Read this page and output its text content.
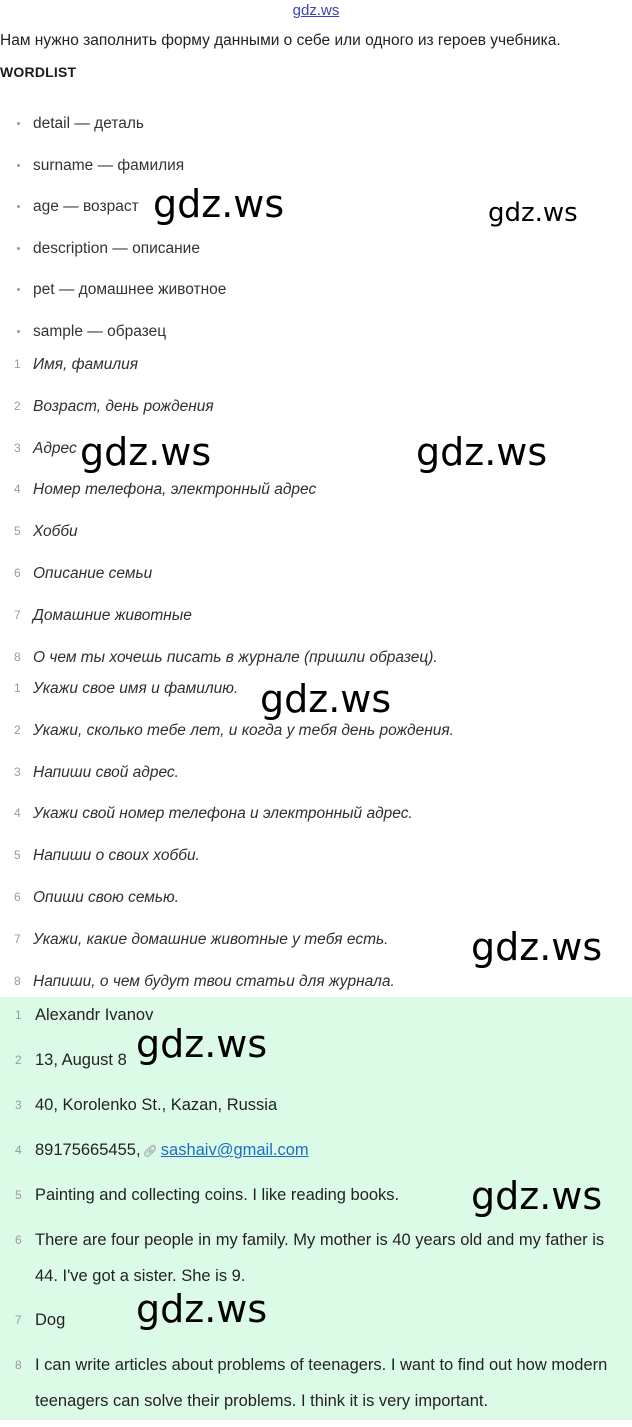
gdz.ws
Нам нужно заполнить форму данными о себе или одного из героев учебника.
WORDLIST
detail — деталь
surname — фамилия
age — возраст
description — описание
pet — домашнее животное
sample — образец
1 Имя, фамилия
2 Возраст, день рождения
3 Адрес
4 Номер телефона, электронный адрес
5 Хобби
6 Описание семьи
7 Домашние животные
8 О чем ты хочешь писать в журнале (пришли образец).
1 Укажи свое имя и фамилию.
2 Укажи, сколько тебе лет, и когда у тебя день рождения.
3 Напиши свой адрес.
4 Укажи свой номер телефона и электронный адрес.
5 Напиши о своих хобби.
6 Опиши свою семью.
7 Укажи, какие домашние животные у тебя есть.
8 Напиши, о чем будут твои статьи для журнала.
1 Alexandr Ivanov
2 13, August 8
3 40, Korolenko St., Kazan, Russia
4 89175665455, 🔗︎ sashaiv@gmail.com
5 Painting and collecting coins. I like reading books.
6 There are four people in my family. My mother is 40 years old and my father is 44. I've got a sister. She is 9.
7 Dog
8 I can write articles about problems of teenagers. I want to find out how modern teenagers can solve their problems. I think it is very important.
gdz.ws	gdz.ws
gdz.ws	gdz.ws
gdz.ws
gdz.ws
gdz.ws
gdz.ws
gdz.ws
